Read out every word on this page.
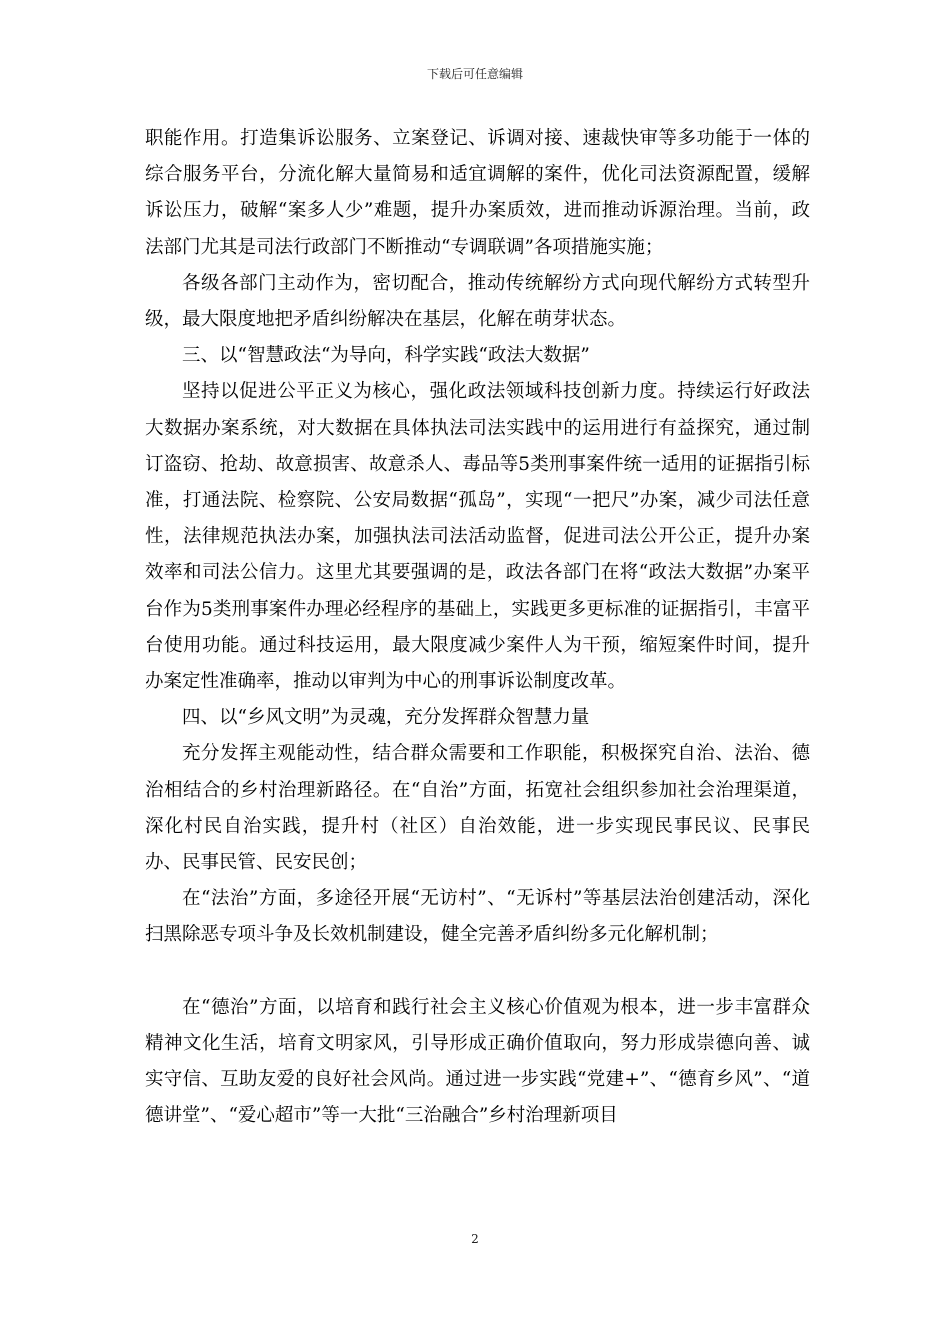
下载后可任意编辑

职能作用。打造集诉讼服务、立案登记、诉调对接、速裁快审等多功能于一体的综合服务平台，分流化解大量简易和适宜调解的案件，优化司法资源配置，缓解诉讼压力，破解“案多人少”难题，提升办案质效，进而推动诉源治理。当前，政法部门尤其是司法行政部门不断推动“专调联调”各项措施实施；

各级各部门主动作为，密切配合，推动传统解纷方式向现代解纷方式转型升级，最大限度地把矛盾纠纷解决在基层，化解在萌芽状态。

三、以“智慧政法“为导向，科学实践“政法大数据”

坚持以促进公平正义为核心，强化政法领域科技创新力度。持续运行好政法大数据办案系统，对大数据在具体执法司法实践中的运用进行有益探究，通过制订盗窃、抢劫、故意损害、故意杀人、毒品等5类刑事案件统一适用的证据指引标准，打通法院、检察院、公安局数据“孤岛”，实现“一把尺”办案，减少司法任意性，法律规范执法办案，加强执法司法活动监督，促进司法公开公正，提升办案效率和司法公信力。这里尤其要强调的是，政法各部门在将“政法大数据”办案平台作为5类刑事案件办理必经程序的基础上，实践更多更标准的证据指引，丰富平台使用功能。通过科技运用，最大限度减少案件人为干预，缩短案件时间，提升办案定性准确率，推动以审判为中心的刑事诉讼制度改革。

四、以“乡风文明”为灵魂，充分发挥群众智慧力量

充分发挥主观能动性，结合群众需要和工作职能，积极探究自治、法治、德治相结合的乡村治理新路径。在“自治”方面，拓宽社会组织参加社会治理渠道，深化村民自治实践，提升村（社区）自治效能，进一步实现民事民议、民事民办、民事民管、民安民创；

在“法治”方面，多途径开展“无访村”、“无诉村”等基层法治创建活动，深化扫黑除恶专项斗争及长效机制建设，健全完善矛盾纠纷多元化解机制；

在“德治”方面，以培育和践行社会主义核心价值观为根本，进一步丰富群众精神文化生活，培育文明家风，引导形成正确价值取向，努力形成崇德向善、诚实守信、互助友爱的良好社会风尚。通过进一步实践“党建+”、“德育乡风”、“道德讲堂”、“爱心超市”等一大批“三治融合”乡村治理新项目

2
